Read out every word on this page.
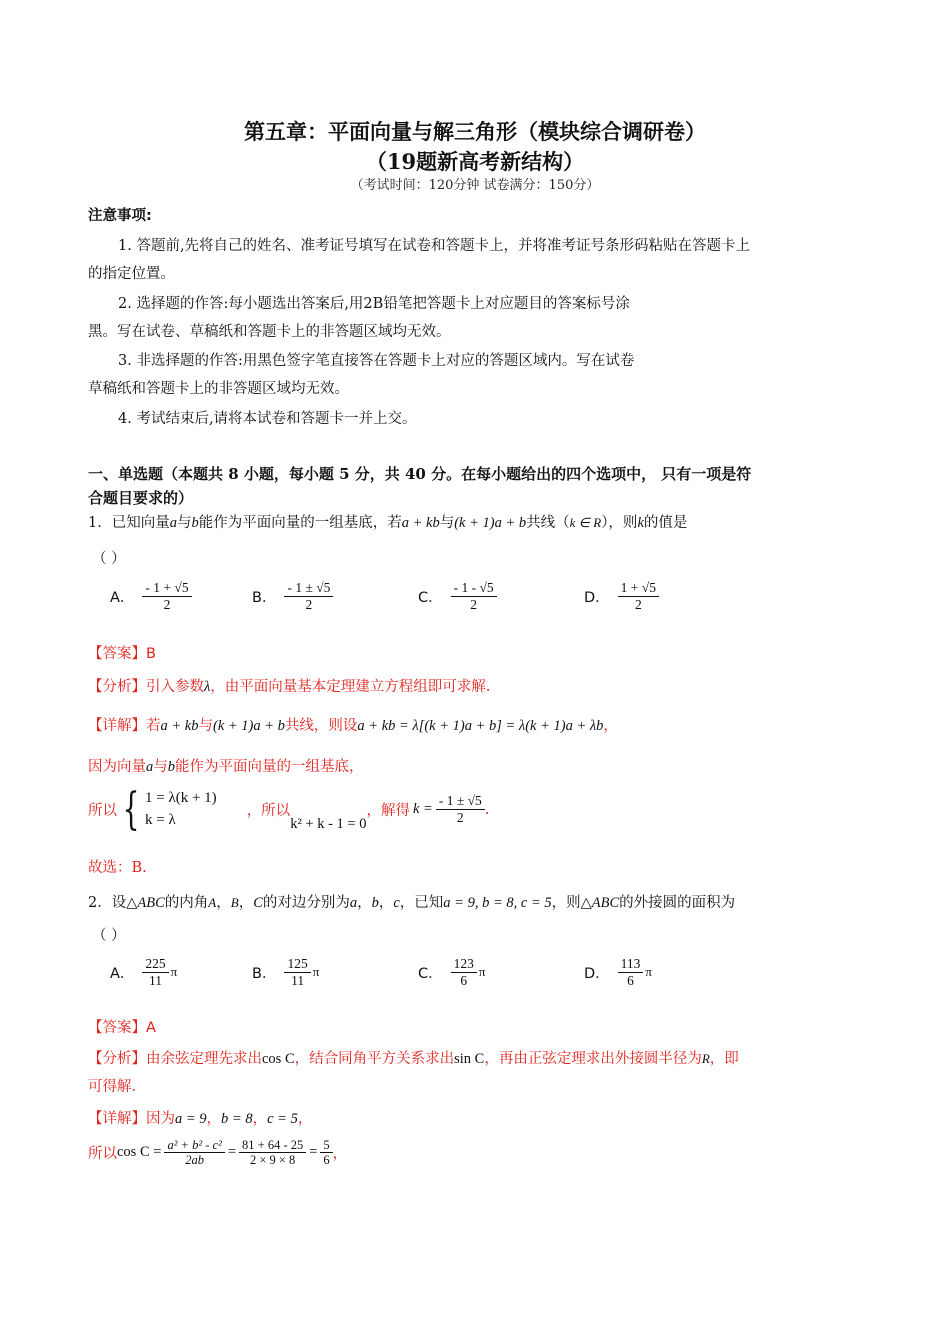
第五章：平面向量与解三角形（模块综合调研卷）
（19题新高考新结构）
（考试时间：120分钟 试卷满分：150分）
注意事项:
1. 答题前,先将自己的姓名、准考证号填写在试卷和答题卡上，并将准考证号条形码粘贴在答题卡上
的指定位置。
2. 选择题的作答:每小题选出答案后,用2B铅笔把答题卡上对应题目的答案标号涂
黑。写在试卷、草稿纸和答题卡上的非答题区域均无效。
3. 非选择题的作答:用黑色签字笔直接答在答题卡上对应的答题区域内。写在试卷
草稿纸和答题卡上的非答题区域均无效。
4. 考试结束后,请将本试卷和答题卡一并上交。
一、单选题（本题共 8 小题，每小题 5 分，共 40 分。在每小题给出的四个选项中， 只有一项是符
合题目要求的）
1．已知向量a与b能作为平面向量的一组基底，若a + kb与(k + 1)a + b共线（k ∈ R），则k的值是
（ ）
A． $\frac{- 1 + √5}{2}$	B． $\frac{- 1 \pm √5}{2}$	C． $\frac{- 1 - √5}{2}$	D． $\frac{1 + √5}{2}$
【答案】B
【分析】引入参数λ，由平面向量基本定理建立方程组即可求解.
【详解】若a + kb与(k + 1)a + b共线，则设a + kb = λ[(k + 1)a + b] = λ(k + 1)a + λb，
因为向量a与b能作为平面向量的一组基底，
所以 { 1 = λ(k + 1)
k = λ
，所以
k² + k - 1 = 0
，解得 $k = \frac{- 1 \pm √5}{2}$ .
故选：B.
2．设△ABC的内角A，B，C的对边分别为a，b，c，已知a = 9, b = 8, c = 5，则△ABC的外接圆的面积为
（ ）
A． $\frac{225}{11}$ π	B． $\frac{125}{11}$ π	C． $\frac{123}{6}$ π	D． $\frac{113}{6}$ π
【答案】A
【分析】由余弦定理先求出cos C，结合同角平方关系求出sin C，再由正弦定理求出外接圆半径为R，即
可得解.
【详解】因为a = 9，b = 8，c = 5，
所以 $\cos C = \frac{\text{a² + b² - c²}}{2ab} = \frac{81 + 64 - 25}{2 \times 9 \times 8} = \frac{5}{6}$ ，
